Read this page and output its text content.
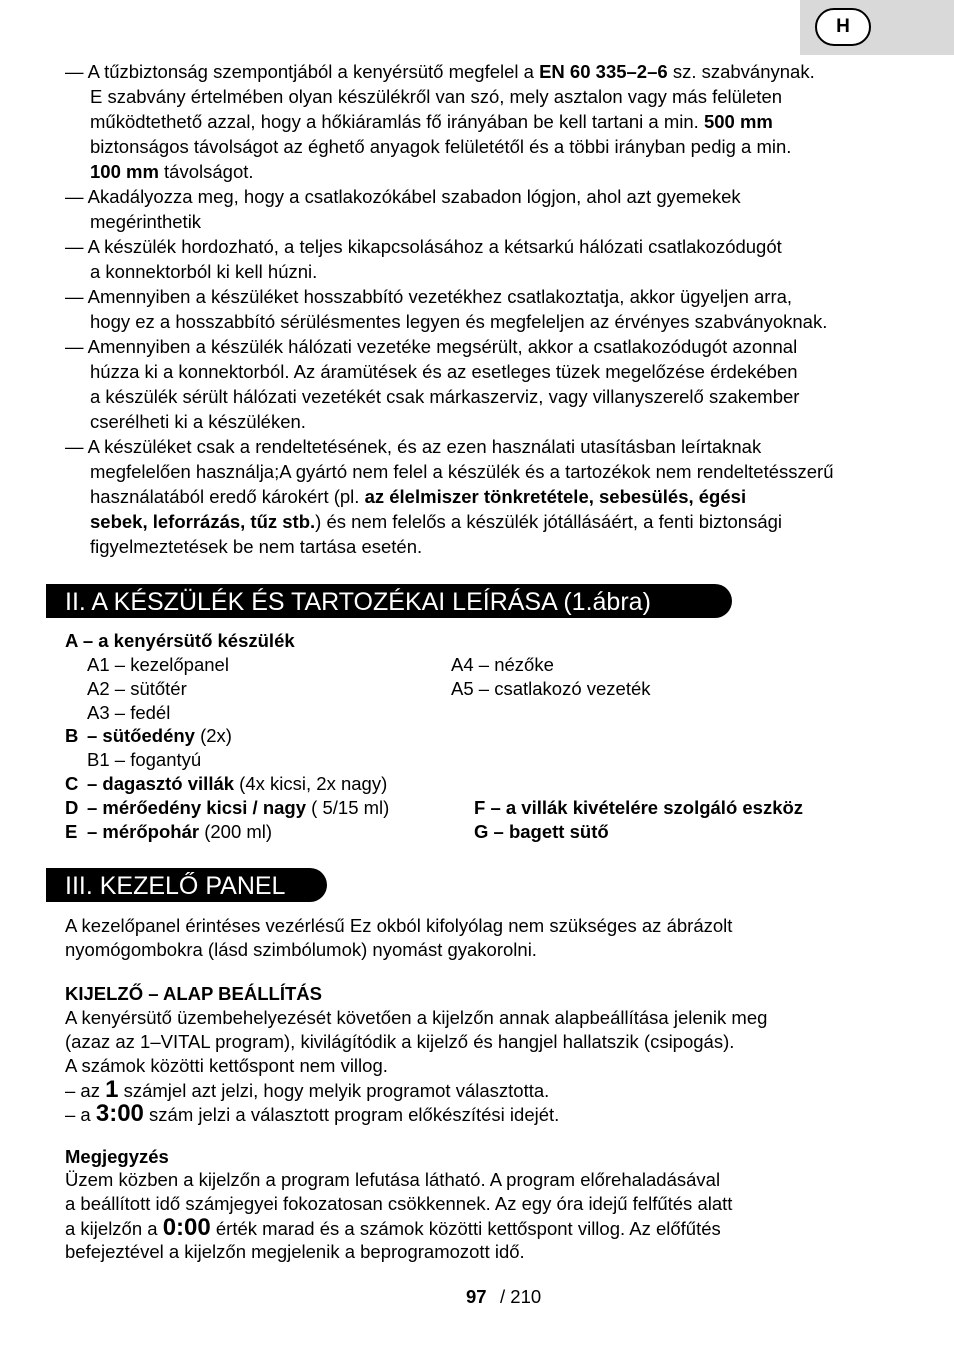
H
— A tűzbiztonság szempontjából a kenyérsütő megfelel a EN 60 335–2–6 sz. szabványnak.
E szabvány értelmében olyan készülékről van szó, mely asztalon vagy más felületen
működtethető azzal, hogy a hőkiáramlás fő irányában be kell tartani a min. 500 mm
biztonságos távolságot az éghető anyagok felületétől és a többi irányban pedig a min.
100 mm távolságot.
— Akadályozza meg, hogy a csatlakozókábel szabadon lógjon, ahol azt gyemekek
megérinthetik
— A készülék hordozható, a teljes kikapcsolásához a kétsarkú hálózati csatlakozódugót
a konnektorból ki kell húzni.
— Amennyiben a készüléket hosszabbító vezetékhez csatlakoztatja, akkor ügyeljen arra,
hogy ez a hosszabbító sérülésmentes legyen és megfeleljen az érvényes szabványoknak.
— Amennyiben a készülék hálózati vezetéke megsérült, akkor a csatlakozódugót azonnal
húzza ki a konnektorból. Az áramütések és az esetleges tüzek megelőzése érdekében
a készülék sérült hálózati vezetékét csak márkaszerviz, vagy villanyszerelő szakember
cserélheti ki a készüléken.
— A készüléket csak a rendeltetésének, és az ezen használati utasításban leírtaknak
megfelelően használja;A gyártó nem felel a készülék és a tartozékok nem rendeltetésszerű
használatából eredő károkért (pl. az élelmiszer tönkretétele, sebesülés, égési
sebek, leforrázás, tűz stb.) és nem felelős a készülék jótállásáért, a fenti biztonsági
figyelmeztetések be nem tartása esetén.
II. A KÉSZÜLÉK ÉS TARTOZÉKAI LEÍRÁSA (1.ábra)
A – a kenyérsütő készülék
A1 – kezelőpanel	A4 – nézőke
A2 – sütőtér	A5 – csatlakozó vezeték
A3 – fedél
B – sütőedény (2x)
B1 – fogantyú
C – dagasztó villák (4x kicsi, 2x nagy)
D – mérőedény kicsi / nagy ( 5/15 ml)	F – a villák kivételére szolgáló eszköz
E – mérőpohár (200 ml)	G – bagett sütő
III. KEZELŐ PANEL
A kezelőpanel érintéses vezérlésű Ez okból kifolyólag nem szükséges az ábrázolt
nyomógombokra (lásd szimbólumok) nyomást gyakorolni.
KIJELZŐ – ALAP BEÁLLÍTÁS
A kenyérsütő üzembehelyezését követően a kijelzőn annak alapbeállítása jelenik meg
(azaz az 1–VITAL program), kivilágítódik a kijelző és hangjel hallatszik (csipogás).
A számok közötti kettőspont nem villog.
– az 1 számjel azt jelzi, hogy melyik programot választotta.
– a 3:00 szám jelzi a választott program előkészítési idejét.
Megjegyzés
Üzem közben a kijelzőn a program lefutása látható. A program előrehaladásával
a beállított idő számjegyei fokozatosan csökkennek. Az egy óra idejű felfűtés alatt
a kijelzőn a 0:00 érték marad és a számok közötti kettőspont villog. Az előfűtés
befejeztével a kijelzőn megjelenik a beprogramozott idő.
97 / 210
